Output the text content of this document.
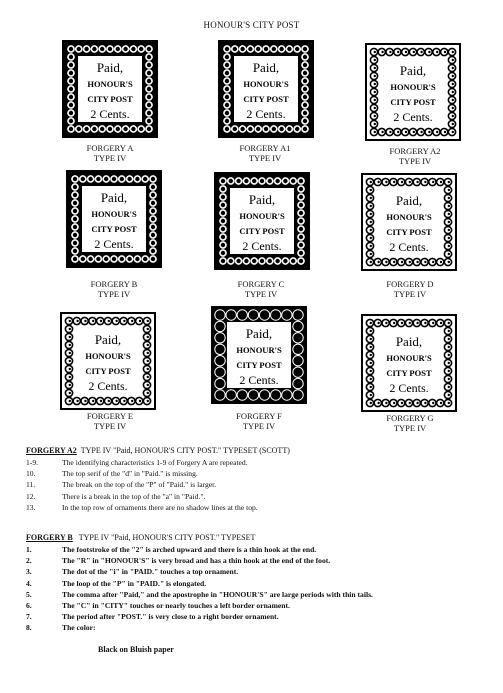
HONOUR'S CITY POST
Paid,
HONOUR'S
CITY POST
2 Cents.
FORGERY A
TYPE IV
Paid,
HONOUR'S
CITY POST
2 Cents.
FORGERY A1
TYPE IV
Paid,
HONOUR'S
CITY POST
2 Cents.
FORGERY A2
TYPE IV
Paid,
HONOUR'S
CITY POST
2 Cents.
FORGERY B
TYPE IV
Paid,
HONOUR'S
CITY POST
2 Cents.
FORGERY C
TYPE IV
Paid,
HONOUR'S
CITY POST
2 Cents.
FORGERY D
TYPE IV
Paid,
HONOUR'S
CITY POST
2 Cents.
FORGERY E
TYPE IV
Paid,
HONOUR'S
CITY POST
2 Cents.
FORGERY F
TYPE IV
Paid,
HONOUR'S
CITY POST
2 Cents.
FORGERY G
TYPE IV
FORGERY A2 TYPE IV "Paid, HONOUR'S CITY POST." TYPESET (SCOTT)
1-9.	The identifying characteristics 1-9 of Forgery A are repeated.
10.	The top serif of the "d" in "Paid." is missing.
11.	The break on the top of the "P" of "Paid." is larger.
12.	There is a break in the top of the "a" in "Paid.".
13.	In the top row of ornaments there are no shadow lines at the top.
FORGERY B TYPE IV "Paid, HONOUR'S CITY POST." TYPESET
1.	The footstroke of the "2" is arched upward and there is a thin hook at the end.
2.	The "R" in "HONOUR'S" is very broad and has a thin hook at the end of the foot.
3.	The dot of the "i" in "PAID." touches a top ornament.
4.	The loop of the "P" in "PAID." is elongated.
5.	The comma after "Paid," and the apostrophe in "HONOUR'S" are large periods with thin tails.
6.	The "C" in "CITY" touches or nearly touches a left border ornament.
7.	The period after "POST." is very close to a right border ornament.
8.	The color:
Black on Bluish paper
